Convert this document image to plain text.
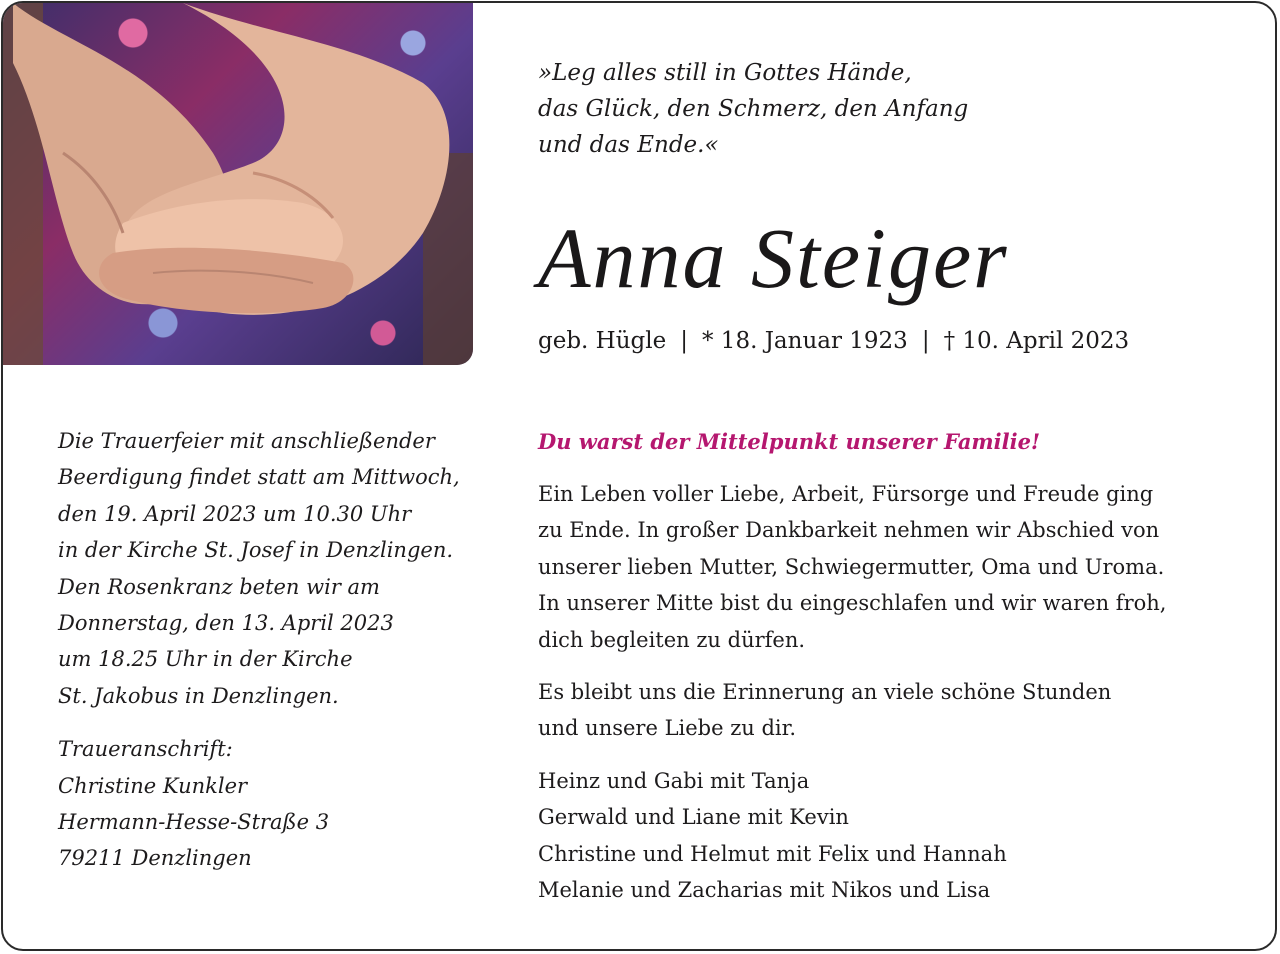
»Leg alles still in Gottes Hände,
das Glück, den Schmerz, den Anfang
und das Ende.«
Anna Steiger
geb. Hügle | * 18. Januar 1923 | † 10. April 2023
Die Trauerfeier mit anschließender
Beerdigung findet statt am Mittwoch,
den 19. April 2023 um 10.30 Uhr
in der Kirche St. Josef in Denzlingen.
Den Rosenkranz beten wir am
Donnerstag, den 13. April 2023
um 18.25 Uhr in der Kirche
St. Jakobus in Denzlingen.
Traueranschrift:
Christine Kunkler
Hermann-Hesse-Straße 3
79211 Denzlingen
Du warst der Mittelpunkt unserer Familie!
Ein Leben voller Liebe, Arbeit, Fürsorge und Freude ging
zu Ende. In großer Dankbarkeit nehmen wir Abschied von
unserer lieben Mutter, Schwiegermutter, Oma und Uroma.
In unserer Mitte bist du eingeschlafen und wir waren froh,
dich begleiten zu dürfen.
Es bleibt uns die Erinnerung an viele schöne Stunden
und unsere Liebe zu dir.
Heinz und Gabi mit Tanja
Gerwald und Liane mit Kevin
Christine und Helmut mit Felix und Hannah
Melanie und Zacharias mit Nikos und Lisa
